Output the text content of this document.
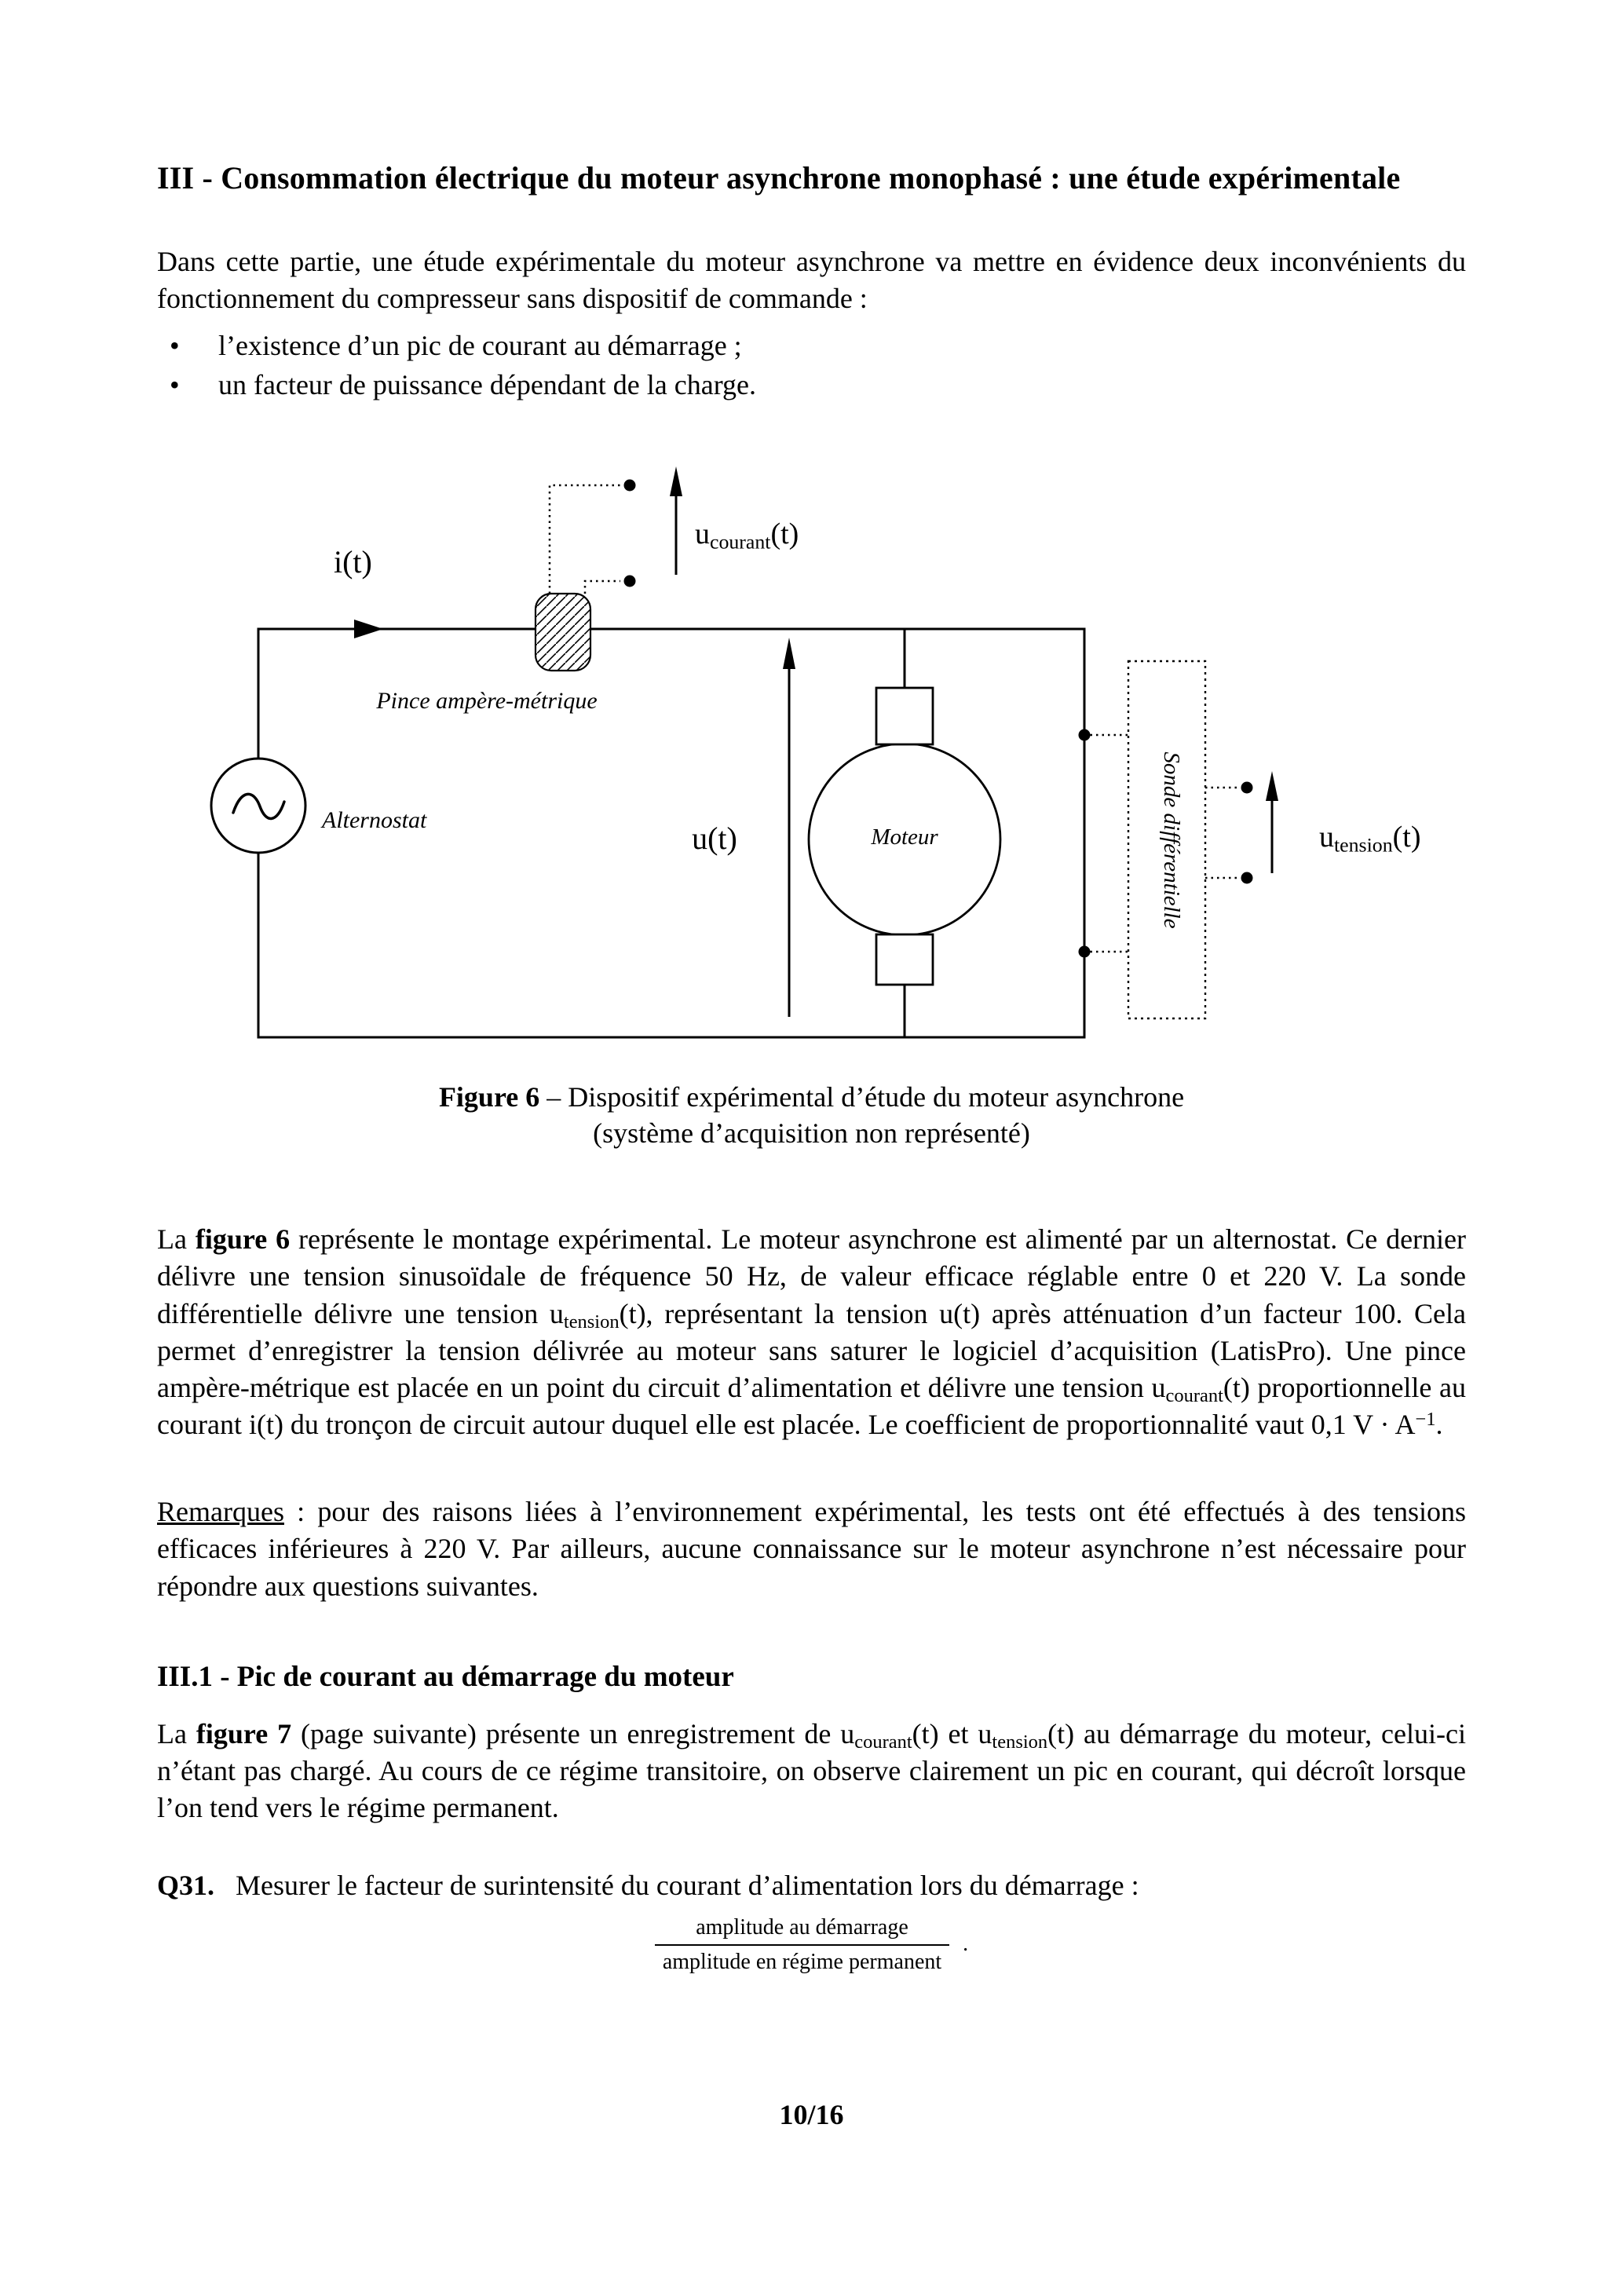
III - Consommation électrique du moteur asynchrone monophasé : une étude expérimentale

Dans cette partie, une étude expérimentale du moteur asynchrone va mettre en évidence deux inconvénients du fonctionnement du compresseur sans dispositif de commande :

•	l’existence d’un pic de courant au démarrage ;
•	un facteur de puissance dépendant de la charge.
i(t)
$u_{courant}(t)$
Pince ampère-métrique
Alternostat
u(t)	Moteur	Sonde différentielle	$u_{tension}(t)$
Figure 6 – Dispositif expérimental d’étude du moteur asynchrone
(système d’acquisition non représenté)

La figure 6 représente le montage expérimental. Le moteur asynchrone est alimenté par un alternostat. Ce dernier délivre une tension sinusoïdale de fréquence 50 Hz, de valeur efficace réglable entre 0 et 220 V. La sonde différentielle délivre une tension $u_{tension}(t)$, représentant la tension u(t) après atténuation d’un facteur 100. Cela permet d’enregistrer la tension délivrée au moteur sans saturer le logiciel d’acquisition (LatisPro). Une pince ampère-métrique est placée en un point du circuit d’alimentation et délivre une tension $u_{courant}(t)$ proportionnelle au courant i(t) du tronçon de circuit autour duquel elle est placée. Le coefficient de proportionnalité vaut 0,1 $V \cdot A^{-1}$.

Remarques : pour des raisons liées à l’environnement expérimental, les tests ont été effectués à des tensions efficaces inférieures à 220 V. Par ailleurs, aucune connaissance sur le moteur asynchrone n’est nécessaire pour répondre aux questions suivantes.

III.1 - Pic de courant au démarrage du moteur

La figure 7 (page suivante) présente un enregistrement de $u_{courant}(t)$ et $u_{tension}(t)$ au démarrage du moteur, celui-ci n’étant pas chargé. Au cours de ce régime transitoire, on observe clairement un pic en courant, qui décroît lorsque l’on tend vers le régime permanent.

Q31.  Mesurer le facteur de surintensité du courant d’alimentation lors du démarrage :

$\frac{\text{amplitude au démarrage}}{\text{amplitude en régime permanent}}$ .
10/16
